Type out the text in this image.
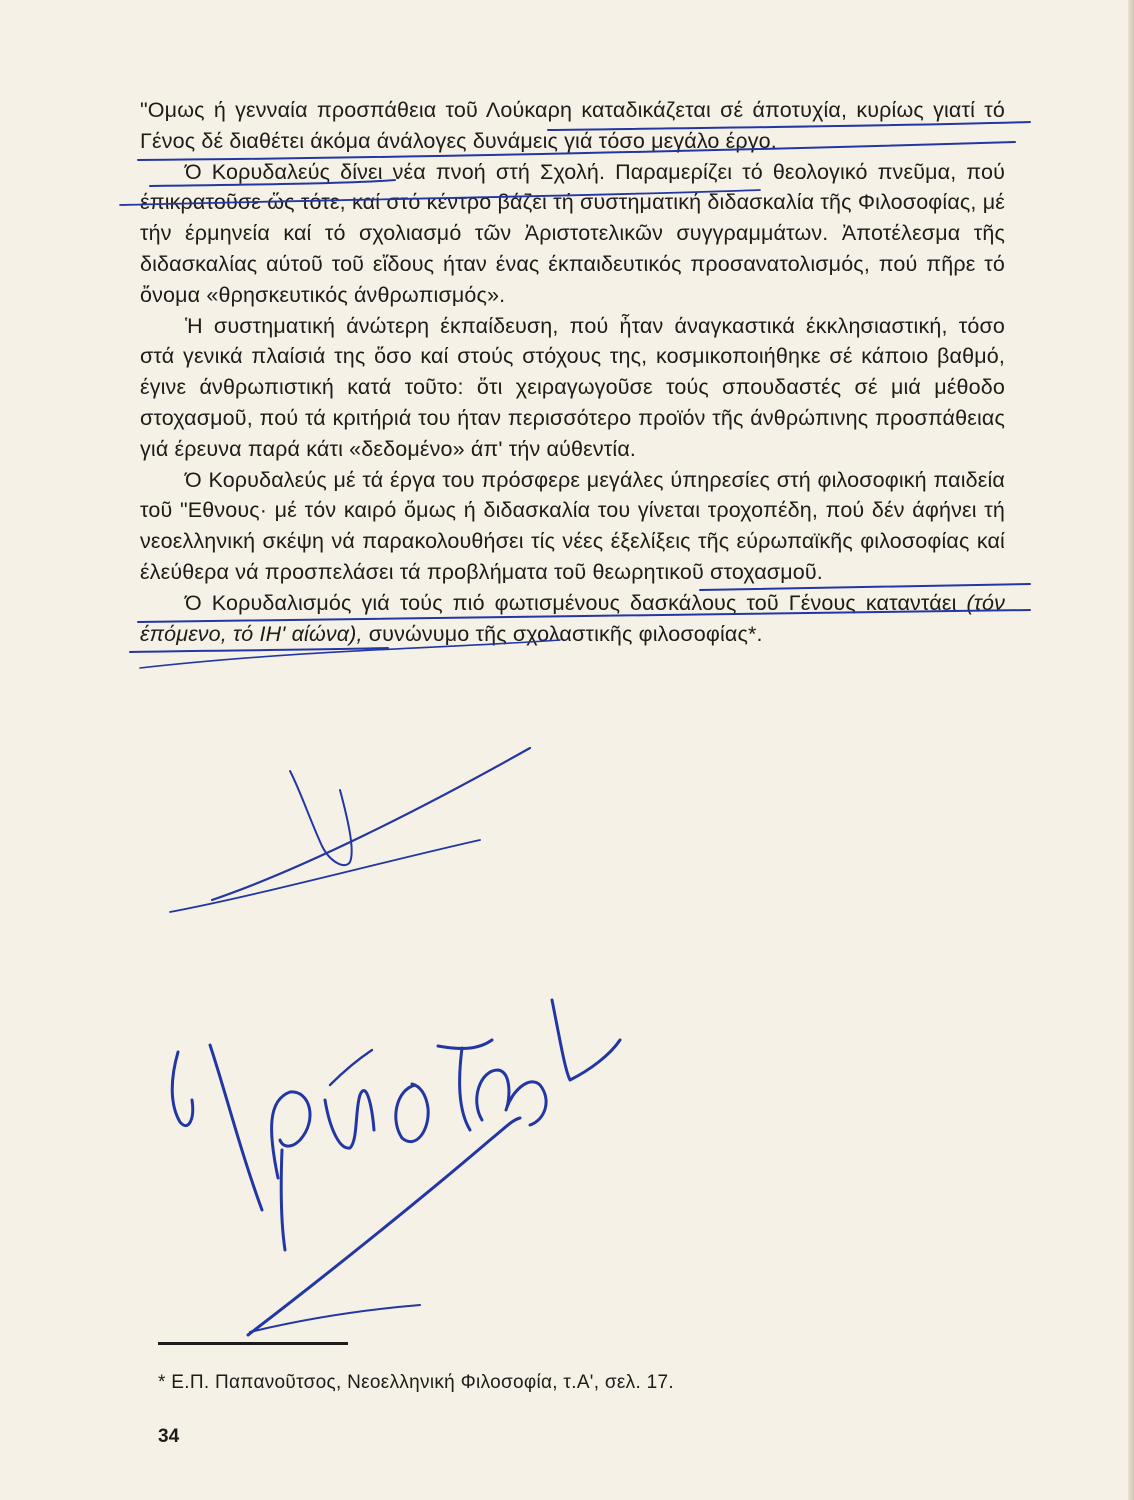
"Ομως ή γενναία προσπάθεια τοῦ Λούκαρη καταδικάζεται σέ άποτυχία, κυρίως γιατί τό Γένος δέ διαθέτει άκόμα άνάλογες δυνάμεις γιά τόσο μεγάλο έργο.

Ό Κορυδαλεύς δίνει νέα πνοή στή Σχολή. Παραμερίζει τό θεολογικό πνεῦμα, πού έπικρατοῦσε ὥς τότε, καί στό κέντρο βάζει τή συστηματική διδασκαλία τῆς Φιλοσοφίας, μέ τήν έρμηνεία καί τό σχολιασμό τῶν Ἀριστοτελικῶν συγγραμμάτων. Ἀποτέλεσμα τῆς διδασκαλίας αύτοῦ τοῦ εἴδους ήταν ένας έκπαιδευτικός προσανατολισμός, πού πῆρε τό ὄνομα «θρησκευτικός άνθρωπισμός».

Ἡ συστηματική άνώτερη έκπαίδευση, πού ἦταν άναγκαστικά έκκλησιαστική, τόσο στά γενικά πλαίσιά της ὅσο καί στούς στόχους της, κοσμικοποιήθηκε σέ κάποιο βαθμό, έγινε άνθρωπιστική κατά τοῦτο: ὅτι χειραγωγοῦσε τούς σπουδαστές σέ μιά μέθοδο στοχασμοῦ, πού τά κριτήριά του ήταν περισσότερο προϊόν τῆς άνθρώπινης προσπάθειας γιά έρευνα παρά κάτι «δεδομένο» άπ' τήν αύθεντία.

Ό Κορυδαλεύς μέ τά έργα του πρόσφερε μεγάλες ύπηρεσίες στή φιλοσοφική παιδεία τοῦ "Εθνους· μέ τόν καιρό ὅμως ή διδασκαλία του γίνεται τροχοπέδη, πού δέν άφήνει τή νεοελληνική σκέψη νά παρακολουθήσει τίς νέες έξελίξεις τῆς εύρωπαϊκῆς φιλοσοφίας καί έλεύθερα νά προσπελάσει τά προβλήματα τοῦ θεωρητικοῦ στοχασμοῦ.

Ό Κορυδαλισμός γιά τούς πιό φωτισμένους δασκάλους τοῦ Γένους καταντάει (τόν έπόμενο, τό ΙΗ' αίώνα), συνώνυμο τῆς σχολαστικῆς φιλοσοφίας*.

* Ε.Π. Παπανοῦτσος, Νεοελληνική Φιλοσοφία, τ.Α', σελ. 17.
34
